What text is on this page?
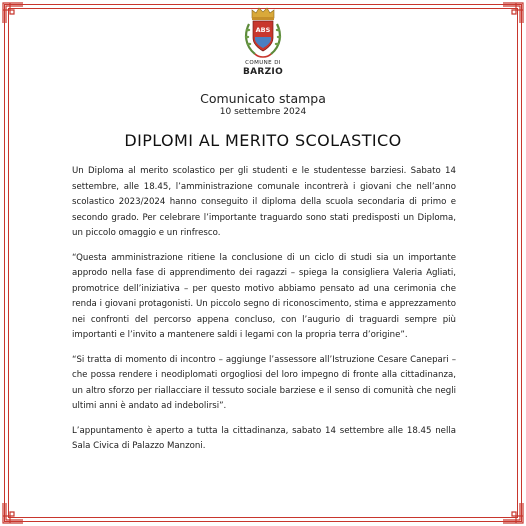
ABS
COMUNE DI
BARZIO
Comunicato stampa
10 settembre 2024
DIPLOMI AL MERITO SCOLASTICO

Un Diploma al merito scolastico per gli studenti e le studentesse barziesi. Sabato 14 settembre, alle 18.45, l’amministrazione comunale incontrerà i giovani che nell’anno scolastico 2023/2024 hanno conseguito il diploma della scuola secondaria di primo e secondo grado. Per celebrare l’importante traguardo sono stati predisposti un Diploma, un piccolo omaggio e un rinfresco.

“Questa amministrazione ritiene la conclusione di un ciclo di studi sia un importante approdo nella fase di apprendimento dei ragazzi – spiega la consigliera Valeria Agliati, promotrice dell’iniziativa – per questo motivo abbiamo pensato ad una cerimonia che renda i giovani protagonisti. Un piccolo segno di riconoscimento, stima e apprezzamento nei confronti del percorso appena concluso, con l’augurio di traguardi sempre più importanti e l’invito a mantenere saldi i legami con la propria terra d’origine”.

“Si tratta di momento di incontro – aggiunge l’assessore all’Istruzione Cesare Canepari – che possa rendere i neodiplomati orgogliosi del loro impegno di fronte alla cittadinanza, un altro sforzo per riallacciare il tessuto sociale barziese e il senso di comunità che negli ultimi anni è andato ad indebolirsi”.

L’appuntamento è aperto a tutta la cittadinanza, sabato 14 settembre alle 18.45 nella Sala Civica di Palazzo Manzoni.
